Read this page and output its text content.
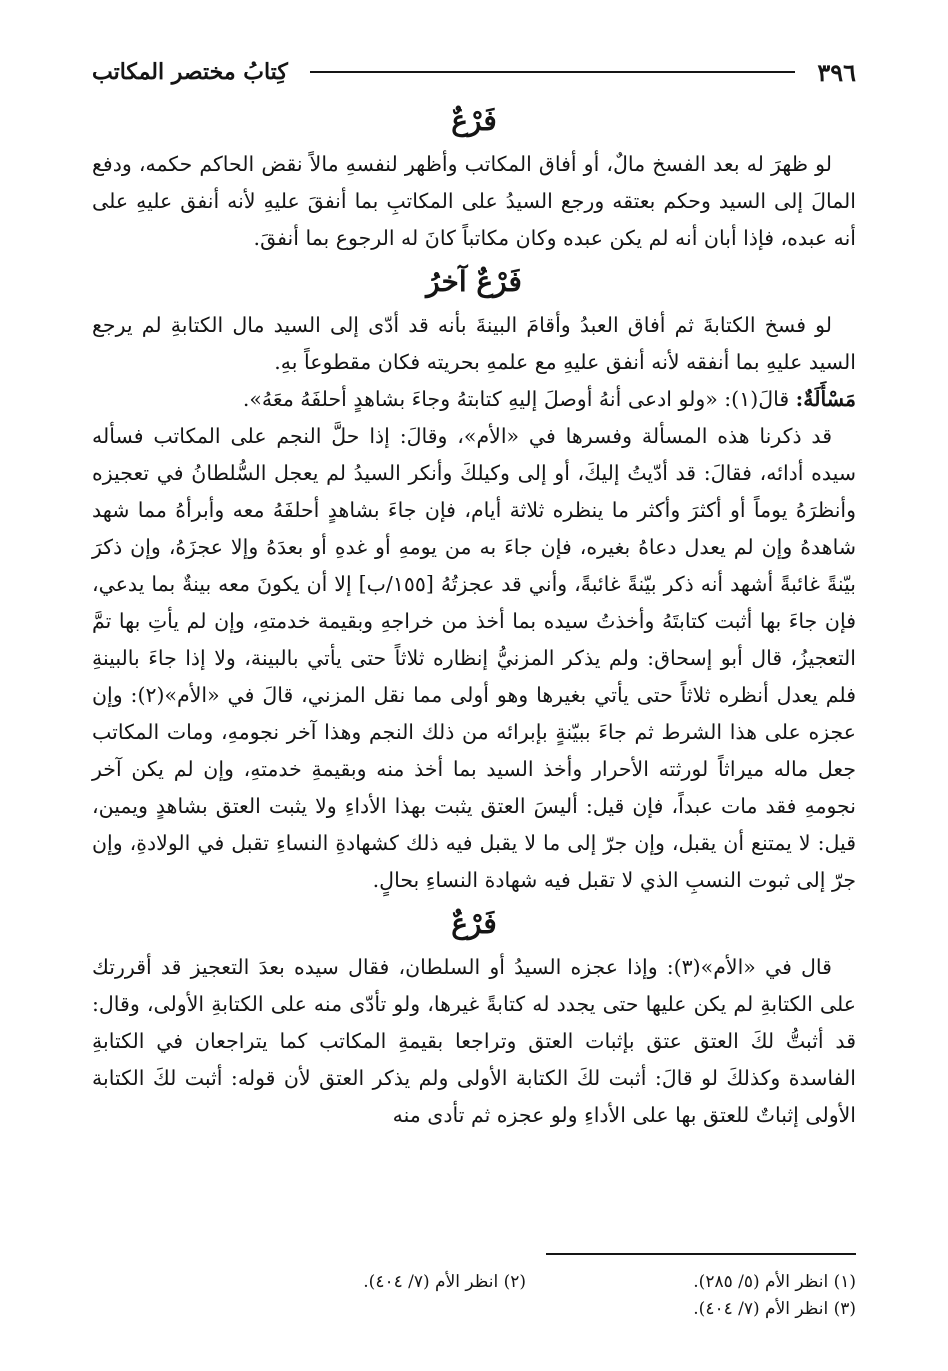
٣٩٦
كِتابُ مختصر المكاتب
فَرْعٌ

لو ظهرَ له بعد الفسخ مالٌ، أو أفاق المكاتب وأظهر لنفسهِ مالاً نقض الحاكم حكمه، ودفع المالَ إلى السيد وحكم بعتقه ورجع السيدُ على المكاتبِ بما أنفقَ عليهِ لأنه أنفق عليهِ على أنه عبده، فإذا أبان أنه لم يكن عبده وكان مكاتباً كانَ له الرجوع بما أنفقَ.

فَرْعٌ آخرُ

لو فسخ الكتابةَ ثم أفاق العبدُ وأقامَ البينةَ بأنه قد أدّى إلى السيد مال الكتابةِ لم يرجع السيد عليهِ بما أنفقه لأنه أنفق عليهِ مع علمهِ بحريته فكان مقطوعاً بهِ.

مَسْأَلَةٌ: قالَ(١): «ولو ادعى أنهُ أوصلَ إليهِ كتابتهُ وجاءَ بشاهدٍ أحلفَهُ معَهُ».

قد ذكرنا هذه المسألة وفسرها في «الأم»، وقالَ: إذا حلَّ النجم على المكاتب فسأله سيده أدائه، فقالَ: قد أدّيتُ إليكَ، أو إلى وكيلكَ وأنكر السيدُ لم يعجل السُّلطانُ في تعجيزه وأنظرَهُ يوماً أو أكثرَ وأكثر ما ينظره ثلاثة أيام، فإن جاءَ بشاهدٍ أحلفَهُ معه وأبرأهُ مما شهد شاهدهُ وإن لم يعدل دعاهُ بغيره، فإن جاءَ به من يومهِ أو غدهِ أو بعدَهُ وإلا عجزَهُ، وإن ذكرَ بيّنةً غائبةً أشهد أنه ذكر بيّنةً غائبةً، وأني قد عجزتُهُ [١٥٥/ب] إلا أن يكونَ معه بينةٌ بما يدعي، فإن جاءَ بها أثبت كتابتَهُ وأخذتُ سيده بما أخذ من خراجهِ وبقيمة خدمتهِ، وإن لم يأتِ بها تمَّ التعجيزُ، قال أبو إسحاق: ولم يذكر المزنيُّ إنظاره ثلاثاً حتى يأتي بالبينة، ولا إذا جاءَ بالبينةِ فلم يعدل أنظره ثلاثاً حتى يأتي بغيرها وهو أولى مما نقل المزني، قالَ في «الأم»(٢): وإن عجزه على هذا الشرط ثم جاءَ ببيّنةٍ بإبرائه من ذلك النجم وهذا آخر نجومهِ، ومات المكاتب جعل ماله ميراثاً لورثته الأحرار وأخذ السيد بما أخذ منه وبقيمةِ خدمتهِ، وإن لم يكن آخر نجومهِ فقد مات عبداً، فإن قيل: أليسَ العتق يثبت بهذا الأداءِ ولا يثبت العتق بشاهدٍ ويمين، قيل: لا يمتنع أن يقبل، وإن جرّ إلى ما لا يقبل فيه ذلك كشهادةِ النساءِ تقبل في الولادةِ، وإن جرّ إلى ثبوت النسبِ الذي لا تقبل فيه شهادة النساءِ بحالٍ.

فَرْعٌ

قال في «الأم»(٣): وإذا عجزه السيدُ أو السلطان، فقال سيده بعدَ التعجيز قد أقررتك على الكتابةِ لم يكن عليها حتى يجدد له كتابةً غيرها، ولو تأدّى منه على الكتابةِ الأولى، وقال: قد أثبتُّ لكَ العتق عتق بإثبات العتق وتراجعا بقيمةِ المكاتب كما يتراجعان في الكتابةِ الفاسدة وكذلكَ لو قالَ: أثبت لكَ الكتابة الأولى ولم يذكر العتق لأن قوله: أثبت لكَ الكتابة الأولى إثباتٌ للعتق بها على الأداءِ ولو عجزه ثم تأدى منه

(١) انظر الأم (٥/ ٢٨٥).
(٢) انظر الأم (٧/ ٤٠٤).
(٣) انظر الأم (٧/ ٤٠٤).
